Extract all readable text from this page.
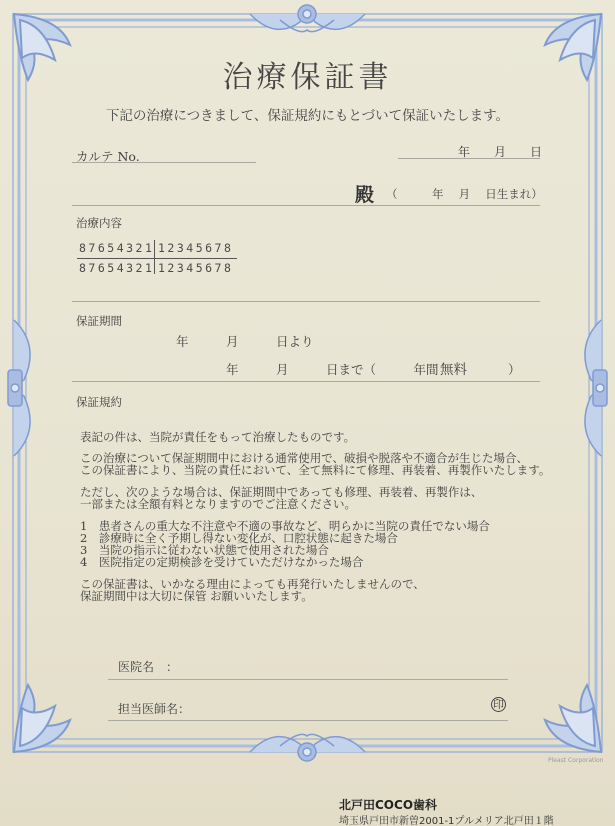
治療保証書
下記の治療につきまして、保証規約にもとづいて保証いたします。
カルテ No.	年　　月　　日
殿 （　　　年　 月　 日生まれ）
治療内容
87654321 12345678
87654321 12345678
保証期間
年　　　月　　　日より
年　　　月　　　日まで（　　　年間 無料	）
保証規約
表記の件は、当院が責任をもって治療したものです。
この治療について保証期間中における通常使用で、破損や脱落や不適合が生じた場合、
この保証書により、当院の責任において、全て無料にて修理、再装着、再製作いたします。
ただし、次のような場合は、保証期間中であっても修理、再装着、再製作は、
一部または全額有料となりますのでご注意ください。
1　患者さんの重大な不注意や不適の事故など、明らかに当院の責任でない場合
2　診療時に全く予期し得ない変化が、口腔状態に起きた場合
3　当院の指示に従わない状態で使用された場合
4　医院指定の定期検診を受けていただけなかった場合
この保証書は、いかなる理由によっても再発行いたしませんので、
保証期間中は大切に保管 お願いいたします。
医院名　：
担当医師名：	印
Pleast Corporation
北戸田COCO歯科
埼玉県戸田市新曽2001-1プルメリア北戸田１階
